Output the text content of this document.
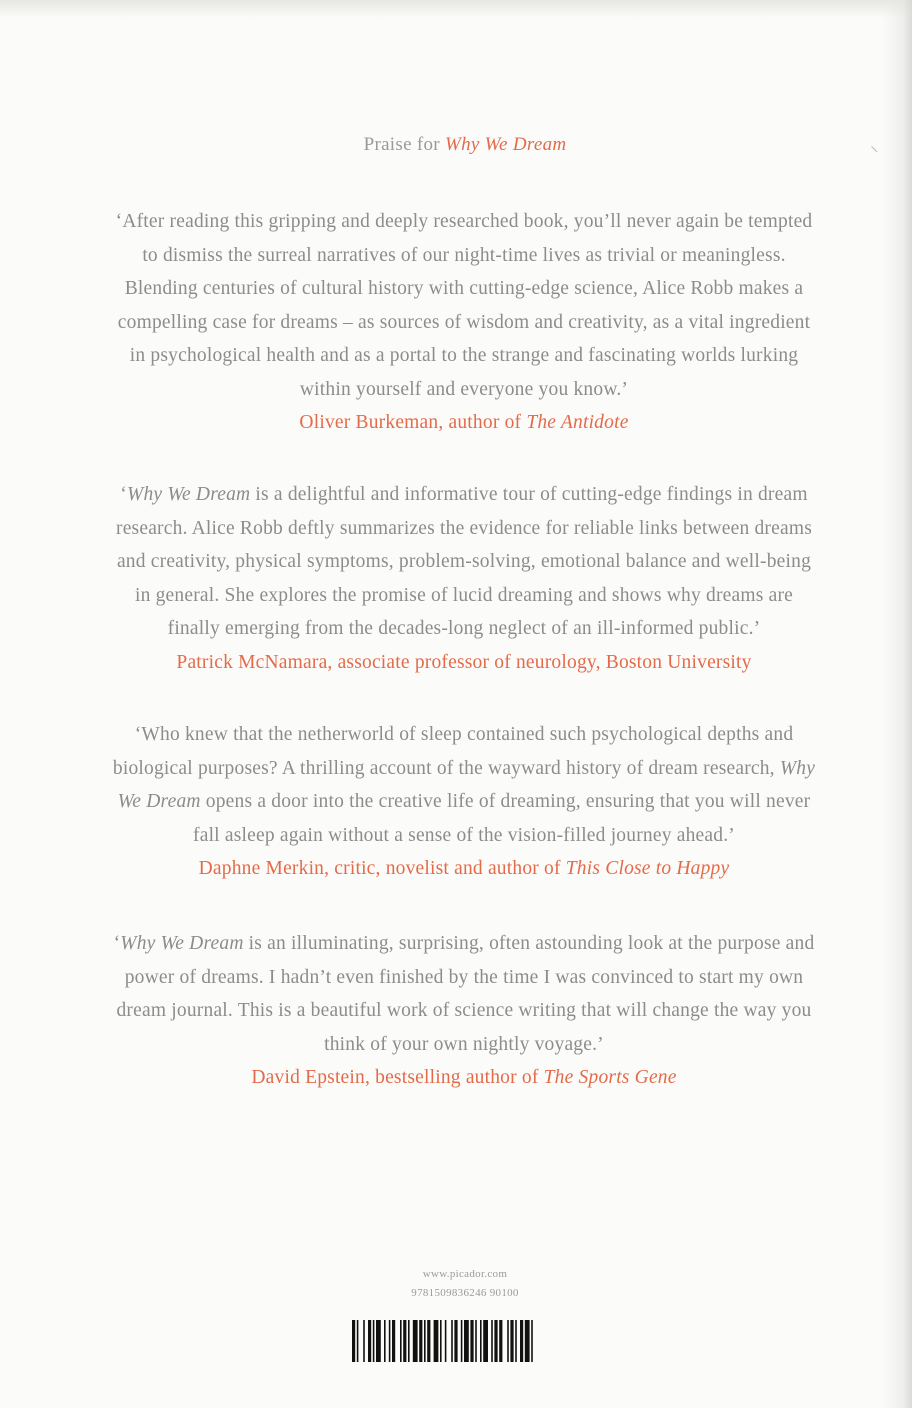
Praise for Why We Dream
‘After reading this gripping and deeply researched book, you’ll never again be tempted
to dismiss the surreal narratives of our night-time lives as trivial or meaningless.
Blending centuries of cultural history with cutting-edge science, Alice Robb makes a
compelling case for dreams – as sources of wisdom and creativity, as a vital ingredient
in psychological health and as a portal to the strange and fascinating worlds lurking
within yourself and everyone you know.’
Oliver Burkeman, author of The Antidote
‘Why We Dream is a delightful and informative tour of cutting-edge findings in dream
research. Alice Robb deftly summarizes the evidence for reliable links between dreams
and creativity, physical symptoms, problem-solving, emotional balance and well-being
in general. She explores the promise of lucid dreaming and shows why dreams are
finally emerging from the decades-long neglect of an ill-informed public.’
Patrick McNamara, associate professor of neurology, Boston University
‘Who knew that the netherworld of sleep contained such psychological depths and
biological purposes? A thrilling account of the wayward history of dream research, Why
We Dream opens a door into the creative life of dreaming, ensuring that you will never
fall asleep again without a sense of the vision-filled journey ahead.’
Daphne Merkin, critic, novelist and author of This Close to Happy
‘Why We Dream is an illuminating, surprising, often astounding look at the purpose and
power of dreams. I hadn’t even finished by the time I was convinced to start my own
dream journal. This is a beautiful work of science writing that will change the way you
think of your own nightly voyage.’
David Epstein, bestselling author of The Sports Gene
www.picador.com
9781509836246 90100
